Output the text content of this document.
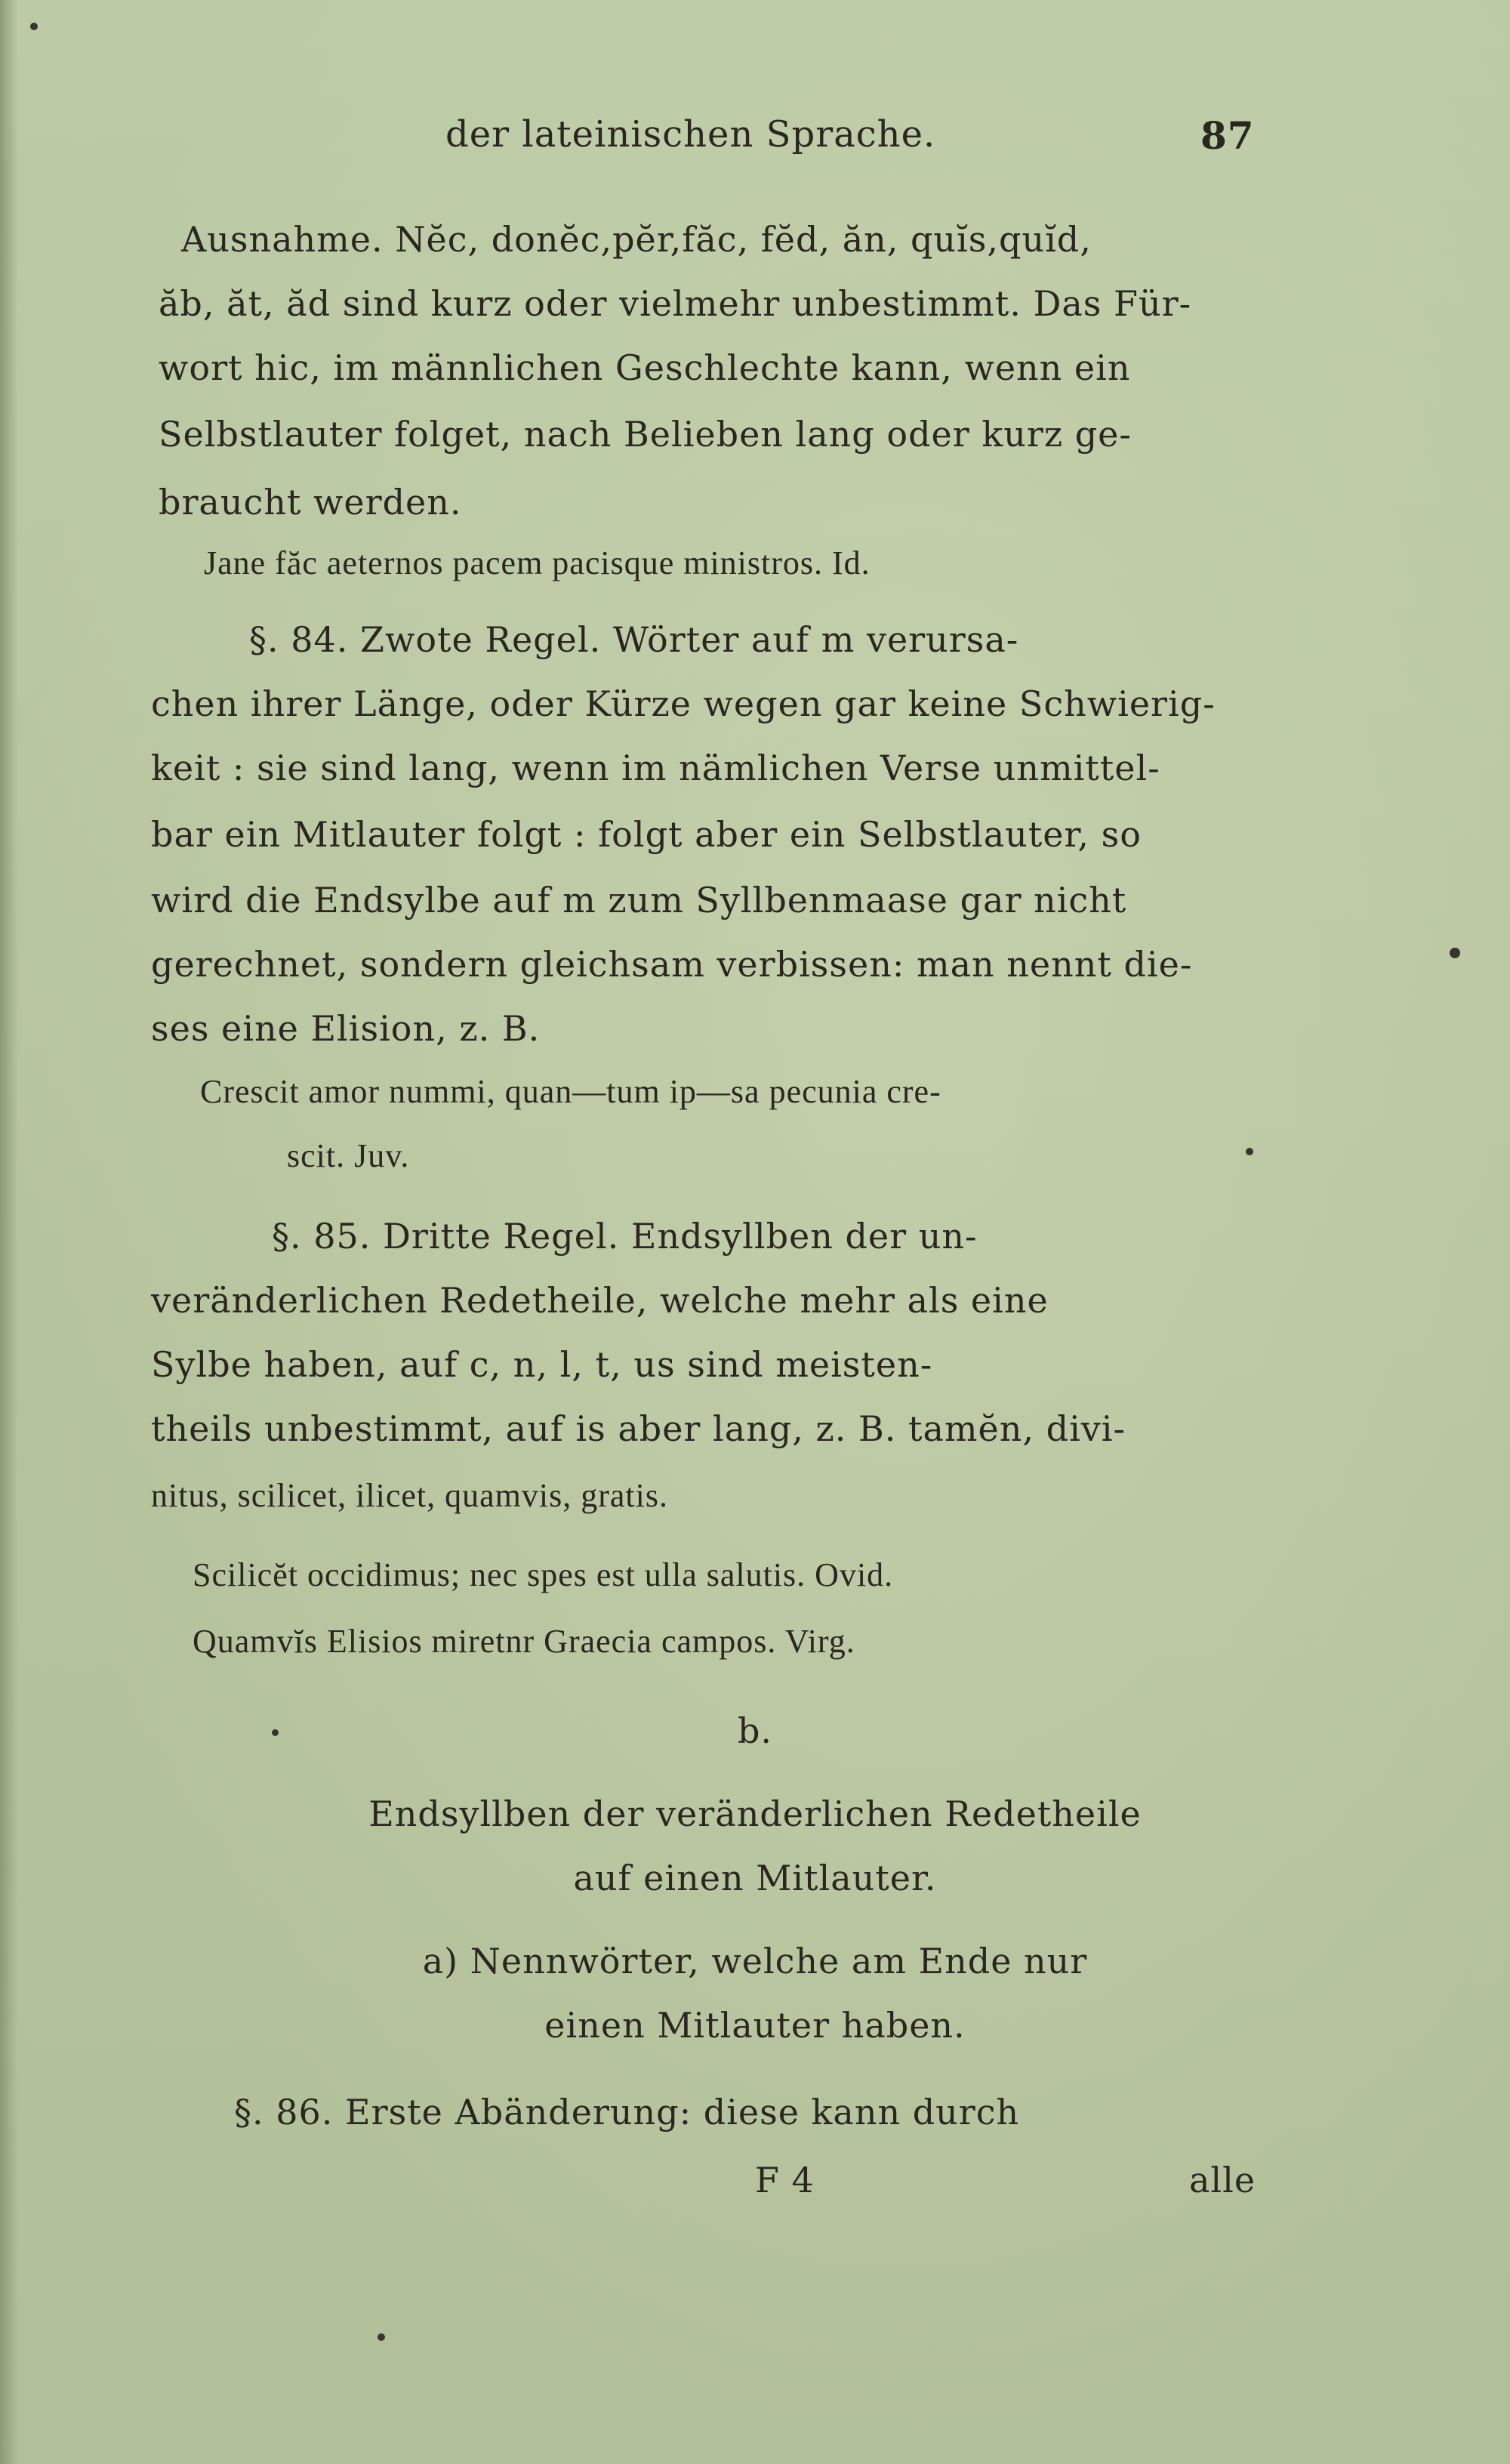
der lateinischen Sprache.	87
Ausnahme. Nĕc, donĕc,pĕr,făc, fĕd, ăn, quĭs,quĭd,
ăb, ăt, ăd sind kurz oder vielmehr unbestimmt. Das Für-
wort hic, im männlichen Geschlechte kann, wenn ein
Selbstlauter folget, nach Belieben lang oder kurz ge-
braucht werden.
Jane făc aeternos pacem pacisque ministros. Id.
§. 84. Zwote Regel. Wörter auf m verursa-
chen ihrer Länge, oder Kürze wegen gar keine Schwierig-
keit : sie sind lang, wenn im nämlichen Verse unmittel-
bar ein Mitlauter folgt : folgt aber ein Selbstlauter, so
wird die Endsylbe auf m zum Syllbenmaase gar nicht
gerechnet, sondern gleichsam verbissen: man nennt die-
ses eine Elision, z. B.
Crescit amor nummi, quan—tum ip—sa pecunia cre-
scit. Juv.
§. 85. Dritte Regel. Endsyllben der un-
veränderlichen Redetheile, welche mehr als eine
Sylbe haben, auf c, n, l, t, us sind meisten-
theils unbestimmt, auf is aber lang, z. B. tamĕn, divi-
nitus, scilicet, ilicet, quamvis, gratis.
Scilicĕt occidimus; nec spes est ulla salutis. Ovid.
Quamvĭs Elisios miretnr Graecia campos. Virg.
b.
Endsyllben der veränderlichen Redetheile
auf einen Mitlauter.
a) Nennwörter, welche am Ende nur
einen Mitlauter haben.
§. 86. Erste Abänderung: diese kann durch
F 4	alle
